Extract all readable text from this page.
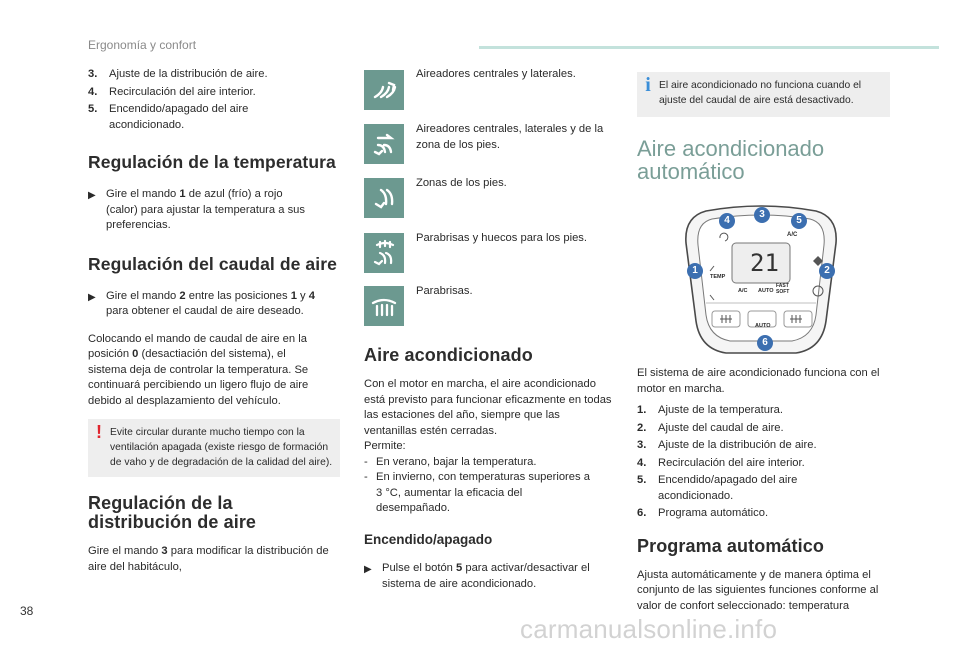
Ergonomía y confort
3.	Ajuste de la distribución de aire.
4.	Recirculación del aire interior.
5.	Encendido/apagado del aire acondicionado.
Regulación de la temperatura
▶ Gire el mando 1 de azul (frío) a rojo (calor) para ajustar la temperatura a sus preferencias.

Regulación del caudal de aire
▶ Gire el mando 2 entre las posiciones 1 y 4 para obtener el caudal de aire deseado.

Colocando el mando de caudal de aire en la posición 0 (desactiación del sistema), el sistema deja de controlar la temperatura. Se continuará percibiendo un ligero flujo de aire debido al desplazamiento del vehículo.

! Evite circular durante mucho tiempo con la ventilación apagada (existe riesgo de formación de vaho y de degradación de la calidad del aire).
Regulación de la
distribución de aire

Gire el mando 3 para modificar la distribución de aire del habitáculo,

Aireadores centrales y laterales.
Aireadores centrales, laterales y de la zona de los pies.
Zonas de los pies.
Parabrisas y huecos para los pies.
Parabrisas.
Aire acondicionado

Con el motor en marcha, el aire acondicionado está previsto para funcionar eficazmente en todas las estaciones del año, siempre que las ventanillas estén cerradas.

Permite:

- En verano, bajar la temperatura.
- En invierno, con temperaturas superiores a 3 °C, aumentar la eficacia del desempañado.
Encendido/apagado
▶ Pulse el botón 5 para activar/desactivar el sistema de aire acondicionado.

i El aire acondicionado no funciona cuando el ajuste del caudal de aire está desactivado.
Aire acondicionado
automático
21
A/C
TEMP
A/C AUTO
FAST
SOFT
AUTO
3
4	5
1	2
6

El sistema de aire acondicionado funciona con el motor en marcha.

1.	Ajuste de la temperatura.
2.	Ajuste del caudal de aire.
3.	Ajuste de la distribución de aire.
4.	Recirculación del aire interior.
5.	Encendido/apagado del aire acondicionado.
6.	Programa automático.
Programa automático

Ajusta automáticamente y de manera óptima el conjunto de las siguientes funciones conforme al valor de confort seleccionado: temperatura

38
carmanualsonline.info
